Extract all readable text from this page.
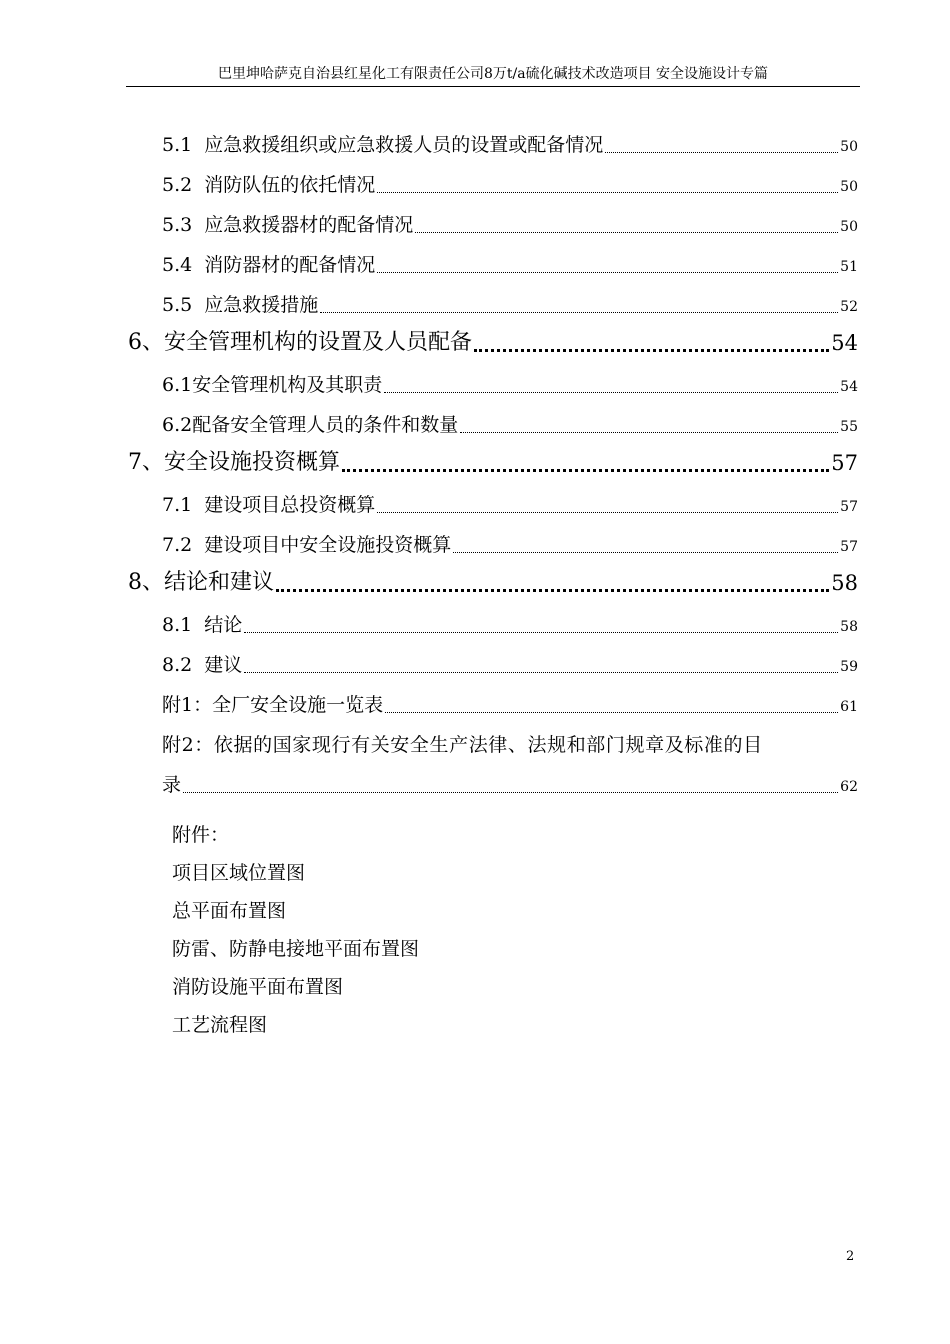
巴里坤哈萨克自治县红星化工有限责任公司8万t/a硫化碱技术改造项目 安全设施设计专篇
5.1 应急救援组织或应急救援人员的设置或配备情况	50
5.2 消防队伍的依托情况	50
5.3 应急救援器材的配备情况	50
5.4 消防器材的配备情况	51
5.5 应急救援措施	52
6、 安全管理机构的设置及人员配备	54
6.1 安全管理机构及其职责	54
6.2 配备安全管理人员的条件和数量	55
7、 安全设施投资概算	57
7.1 建设项目总投资概算	57
7.2 建设项目中安全设施投资概算	57
8、 结论和建议	58
8.1 结论	58
8.2 建议	59
附1： 全厂安全设施一览表	61
附2：依据的国家现行有关安全生产法律、法规和部门规章及标准的目
录	62
附件：
项目区域位置图
总平面布置图
防雷、防静电接地平面布置图
消防设施平面布置图
工艺流程图
2
